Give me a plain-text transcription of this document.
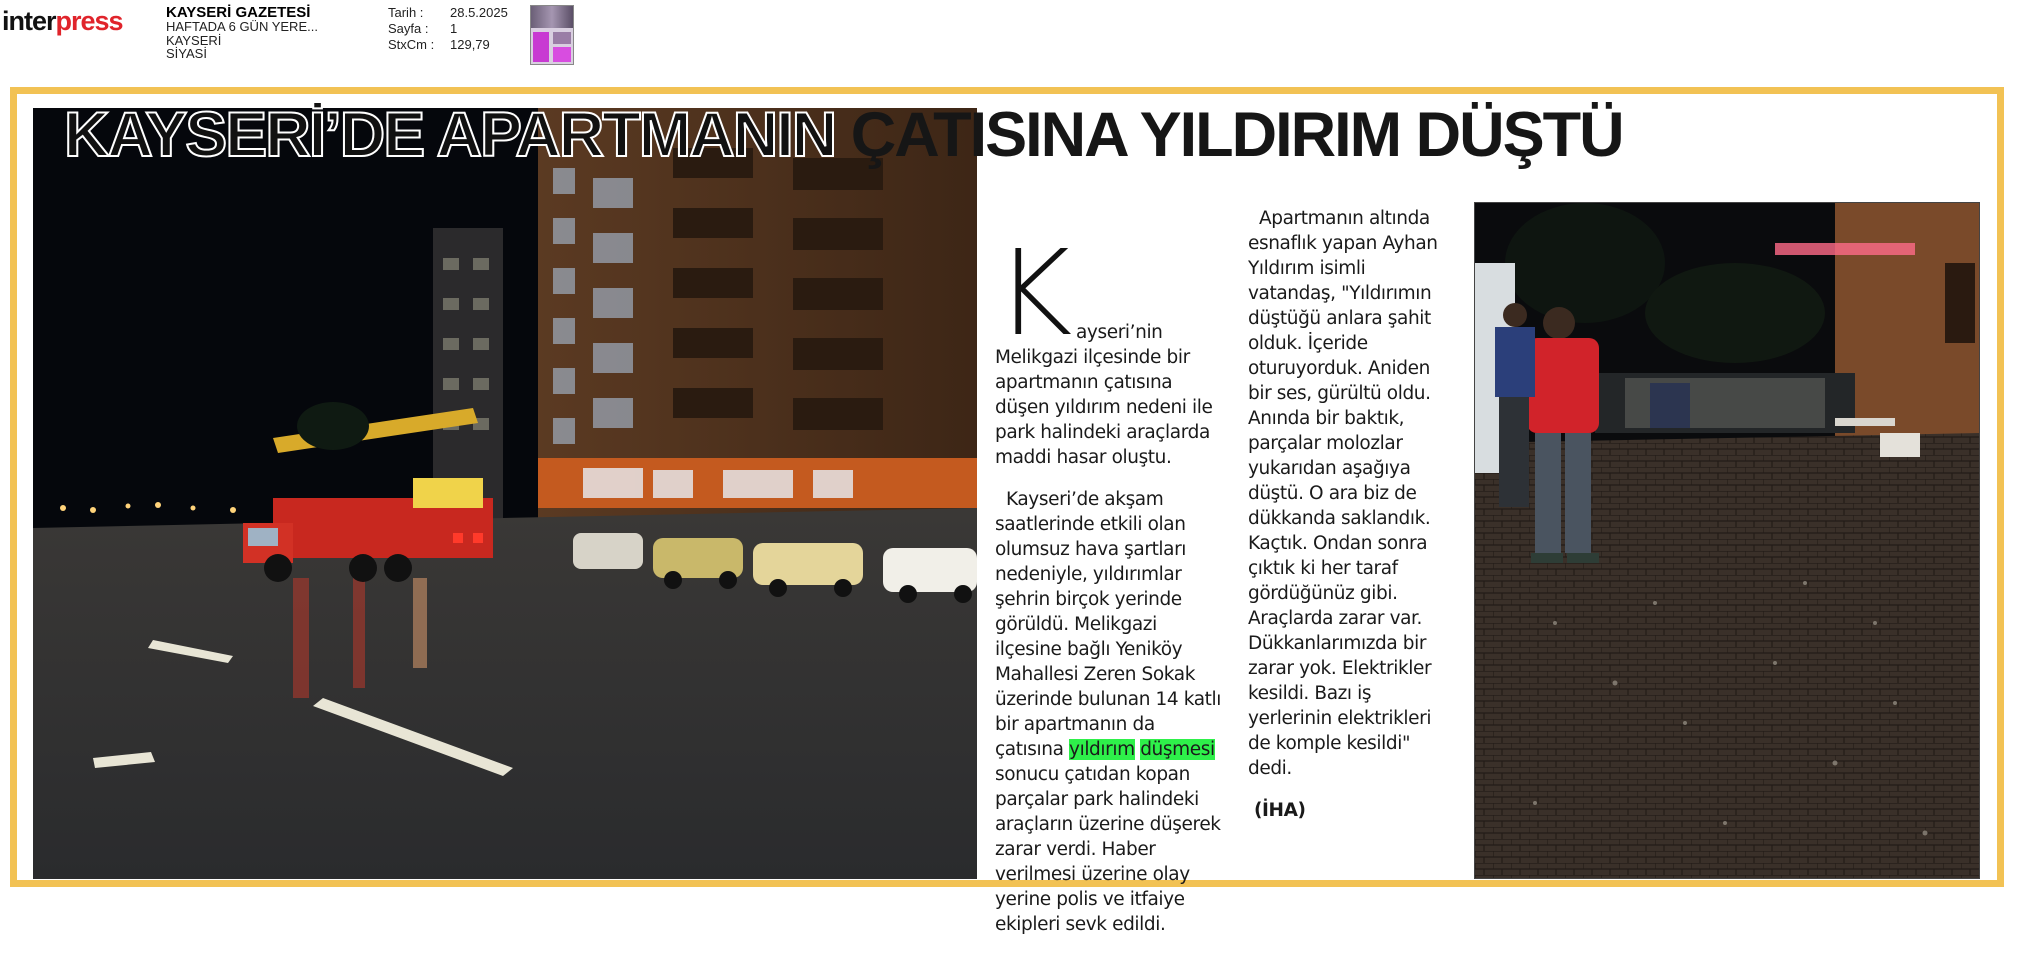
interpress	KAYSERİ GAZETESİ
HAFTADA 6 GÜN YERE...
KAYSERİ
SİYASİ
Tarih :	28.5.2025
Sayfa :	1
StxCm :	129,79
KAYSERİ’DE APARTMANIN ÇATISINA YILDIRIM DÜŞTÜ

Kayseri’nin Melikgazi ilçesinde bir apartmanın çatısına düşen yıldırım nedeni ile park halindeki araçlarda maddi hasar oluştu.

Kayseri’de akşam saatlerinde etkili olan olumsuz hava şartları nedeniyle, yıldırımlar şehrin birçok yerinde görüldü. Melikgazi ilçesine bağlı Yeniköy Mahallesi Zeren Sokak üzerinde bulunan 14 katlı bir apartmanın da çatısına yıldırım düşmesi sonucu çatıdan kopan parçalar park halindeki araçların üzerine düşerek zarar verdi. Haber verilmesi üzerine olay yerine polis ve itfaiye ekipleri sevk edildi.

Apartmanın altında esnaflık yapan Ayhan Yıldırım isimli vatandaş, "Yıldırımın düştüğü anlara şahit olduk. İçeride oturuyorduk. Aniden bir ses, gürültü oldu. Anında bir baktık, parçalar molozlar yukarıdan aşağıya düştü. O ara biz de dükkanda saklandık. Kaçtık. Ondan sonra çıktık ki her taraf gördüğünüz gibi. Araçlarda zarar var. Dükkanlarımızda bir zarar yok. Elektrikler kesildi. Bazı iş yerlerinin elektrikleri de komple kesildi" dedi.

(İHA)
